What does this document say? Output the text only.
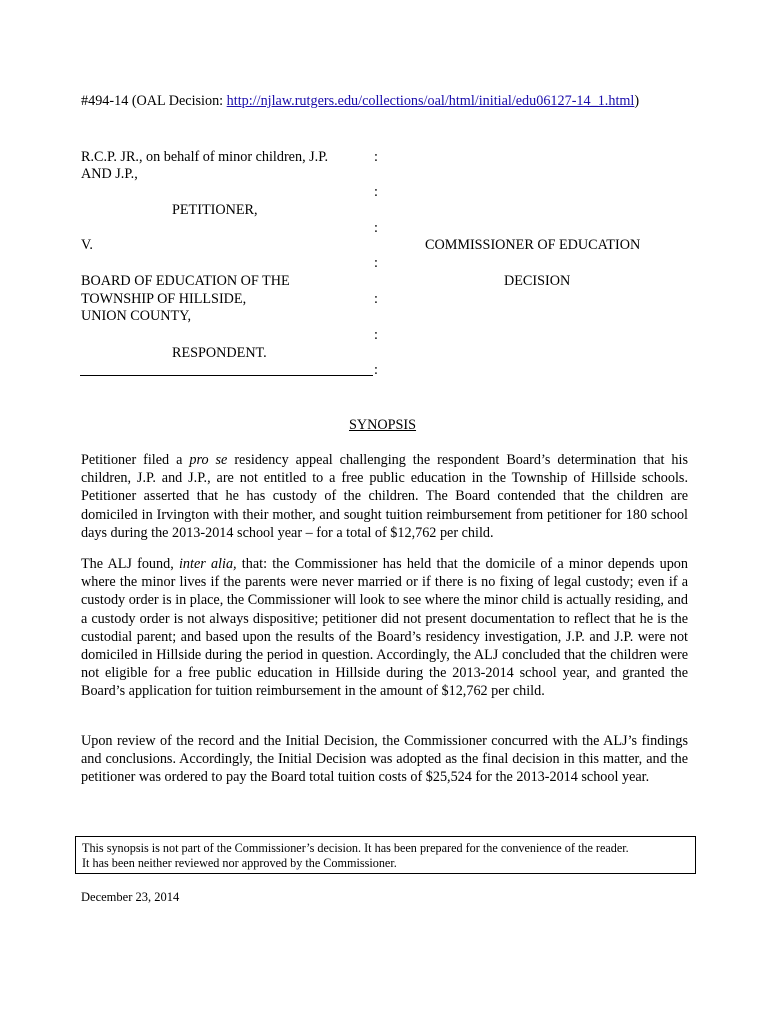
#494-14 (OAL Decision: http://njlaw.rutgers.edu/collections/oal/html/initial/edu06127-14_1.html)
R.C.P. JR., on behalf of minor children, J.P.
AND J.P.,
PETITIONER,
V.
BOARD OF EDUCATION OF THE
TOWNSHIP OF HILLSIDE,
UNION COUNTY,
RESPONDENT.
:
:
:
:
:
:
:
COMMISSIONER OF EDUCATION
DECISION
SYNOPSIS
Petitioner filed a pro se residency appeal challenging the respondent Board’s determination that his children, J.P. and J.P., are not entitled to a free public education in the Township of Hillside schools. Petitioner asserted that he has custody of the children. The Board contended that the children are domiciled in Irvington with their mother, and sought tuition reimbursement from petitioner for 180 school days during the 2013-2014 school year – for a total of $12,762 per child.
The ALJ found, inter alia, that: the Commissioner has held that the domicile of a minor depends upon where the minor lives if the parents were never married or if there is no fixing of legal custody; even if a custody order is in place, the Commissioner will look to see where the minor child is actually residing, and a custody order is not always dispositive; petitioner did not present documentation to reflect that he is the custodial parent; and based upon the results of the Board’s residency investigation, J.P. and J.P. were not domiciled in Hillside during the period in question. Accordingly, the ALJ concluded that the children were not eligible for a free public education in Hillside during the 2013-2014 school year, and granted the Board’s application for tuition reimbursement in the amount of $12,762 per child.
Upon review of the record and the Initial Decision, the Commissioner concurred with the ALJ’s findings and conclusions. Accordingly, the Initial Decision was adopted as the final decision in this matter, and the petitioner was ordered to pay the Board total tuition costs of $25,524 for the 2013-2014 school year.
This synopsis is not part of the Commissioner’s decision. It has been prepared for the convenience of the reader.
It has been neither reviewed nor approved by the Commissioner.
December 23, 2014
